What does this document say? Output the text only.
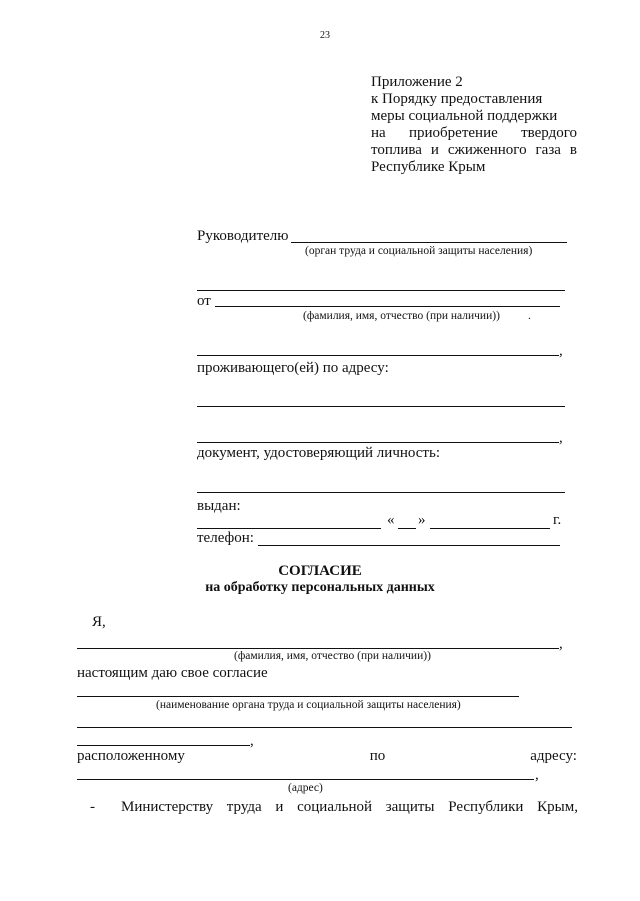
23
Приложение 2
к Порядку предоставления
меры социальной поддержки
на приобретение твердого
топлива и сжиженного газа в
Республике Крым
Руководителю
(орган труда и социальной защиты населения)
от
(фамилия, имя, отчество (при наличии)) .
,
проживающего(ей) по адресу:
,
документ, удостоверяющий личность:
выдан:
« »	г.
телефон:
СОГЛАСИЕ
на обработку персональных данных
Я,
,
(фамилия, имя, отчество (при наличии))
настоящим даю свое согласие
(наименование органа труда и социальной защиты населения)
,
расположенному	по	адресу:
,
(адрес)
- Министерству труда и социальной защиты Республики Крым,
